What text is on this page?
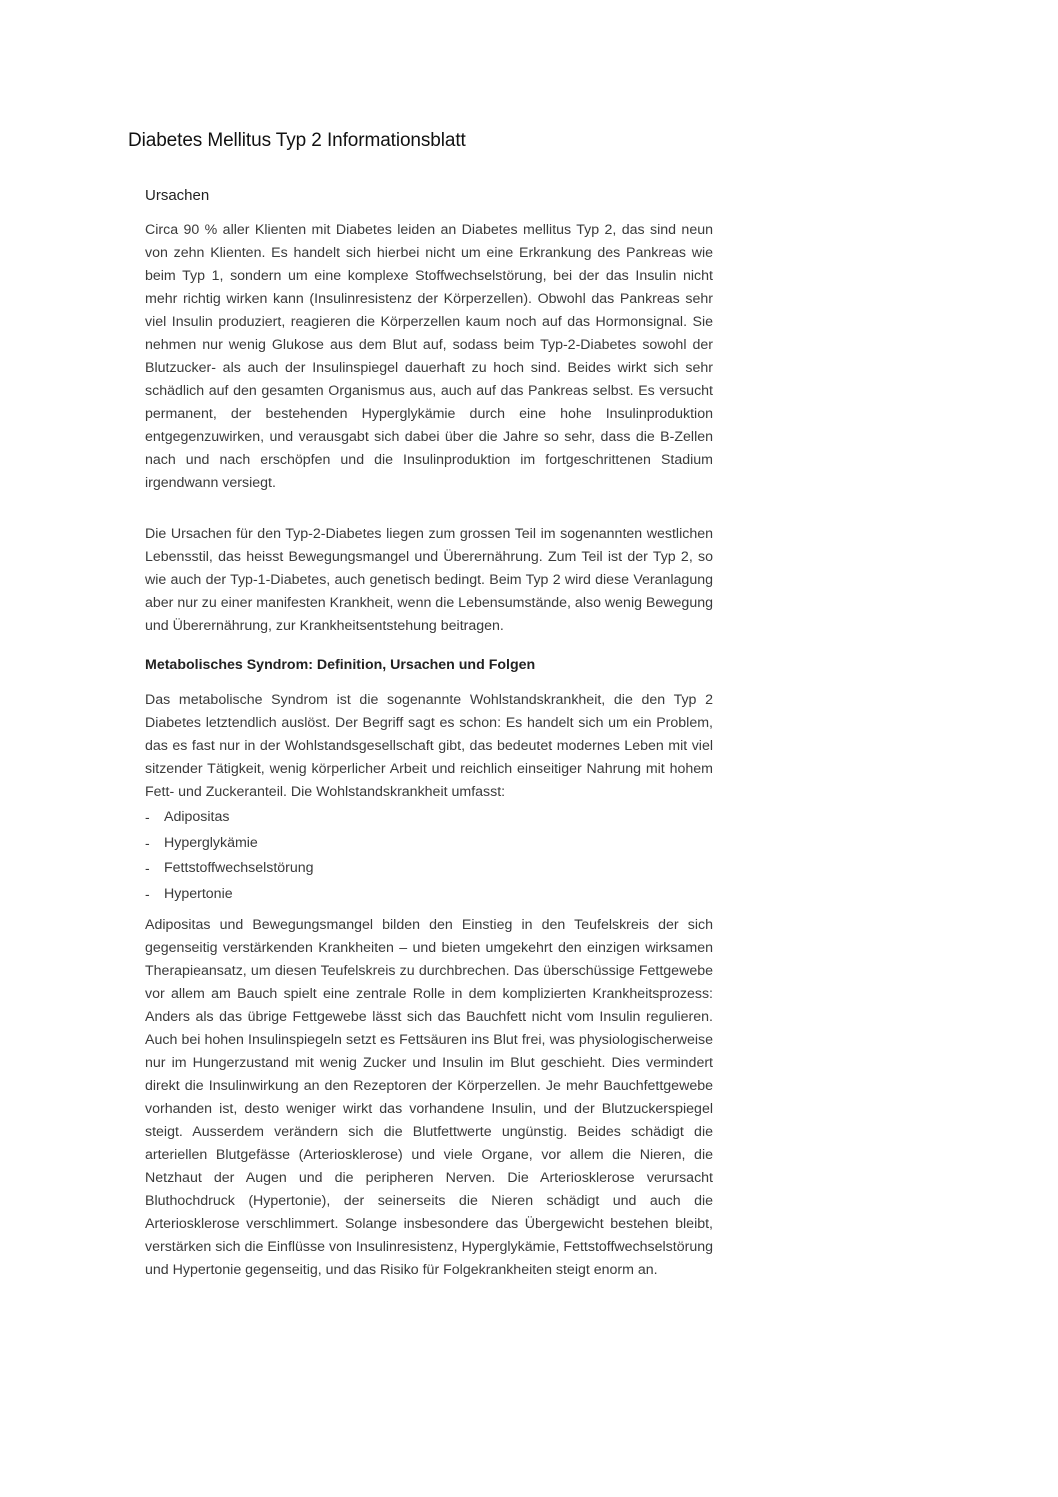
Diabetes Mellitus Typ 2 Informationsblatt
Ursachen

Circa 90 % aller Klienten mit Diabetes leiden an Diabetes mellitus Typ 2, das sind neun von zehn Klienten. Es handelt sich hierbei nicht um eine Erkrankung des Pankreas wie beim Typ 1, sondern um eine komplexe Stoffwechselstörung, bei der das Insulin nicht mehr richtig wirken kann (Insulinresistenz der Körperzellen). Obwohl das Pankreas sehr viel Insulin produziert, reagieren die Körperzellen kaum noch auf das Hormonsignal. Sie nehmen nur wenig Glukose aus dem Blut auf, sodass beim Typ-2-Diabetes sowohl der Blutzucker- als auch der Insulinspiegel dauerhaft zu hoch sind. Beides wirkt sich sehr schädlich auf den gesamten Organismus aus, auch auf das Pankreas selbst. Es versucht permanent, der bestehenden Hyperglykämie durch eine hohe Insulinproduktion entgegenzuwirken, und verausgabt sich dabei über die Jahre so sehr, dass die B-Zellen nach und nach erschöpfen und die Insulinproduktion im fortgeschrittenen Stadium irgendwann versiegt.

Die Ursachen für den Typ-2-Diabetes liegen zum grossen Teil im sogenannten westlichen Lebensstil, das heisst Bewegungsmangel und Überernährung. Zum Teil ist der Typ 2, so wie auch der Typ-1-Diabetes, auch genetisch bedingt. Beim Typ 2 wird diese Veranlagung aber nur zu einer manifesten Krankheit, wenn die Lebensumstände, also wenig Bewegung und Überernährung, zur Krankheitsentstehung beitragen.

Metabolisches Syndrom: Definition, Ursachen und Folgen

Das metabolische Syndrom ist die sogenannte Wohlstandskrankheit, die den Typ 2 Diabetes letztendlich auslöst. Der Begriff sagt es schon: Es handelt sich um ein Problem, das es fast nur in der Wohlstandsgesellschaft gibt, das bedeutet modernes Leben mit viel sitzender Tätigkeit, wenig körperlicher Arbeit und reichlich einseitiger Nahrung mit hohem Fett- und Zuckeranteil. Die Wohlstandskrankheit umfasst:

- Adipositas
- Hyperglykämie
- Fettstoffwechselstörung
- Hypertonie

Adipositas und Bewegungsmangel bilden den Einstieg in den Teufelskreis der sich gegenseitig verstärkenden Krankheiten – und bieten umgekehrt den einzigen wirksamen Therapieansatz, um diesen Teufelskreis zu durchbrechen. Das überschüssige Fettgewebe vor allem am Bauch spielt eine zentrale Rolle in dem komplizierten Krankheitsprozess: Anders als das übrige Fettgewebe lässt sich das Bauchfett nicht vom Insulin regulieren. Auch bei hohen Insulinspiegeln setzt es Fettsäuren ins Blut frei, was physiologischerweise nur im Hungerzustand mit wenig Zucker und Insulin im Blut geschieht. Dies vermindert direkt die Insulinwirkung an den Rezeptoren der Körperzellen. Je mehr Bauchfettgewebe vorhanden ist, desto weniger wirkt das vorhandene Insulin, und der Blutzuckerspiegel steigt. Ausserdem verändern sich die Blutfettwerte ungünstig. Beides schädigt die arteriellen Blutgefässe (Arteriosklerose) und viele Organe, vor allem die Nieren, die Netzhaut der Augen und die peripheren Nerven. Die Arteriosklerose verursacht Bluthochdruck (Hypertonie), der seinerseits die Nieren schädigt und auch die Arteriosklerose verschlimmert. Solange insbesondere das Übergewicht bestehen bleibt, verstärken sich die Einflüsse von Insulinresistenz, Hyperglykämie, Fettstoffwechselstörung und Hypertonie gegenseitig, und das Risiko für Folgekrankheiten steigt enorm an.
